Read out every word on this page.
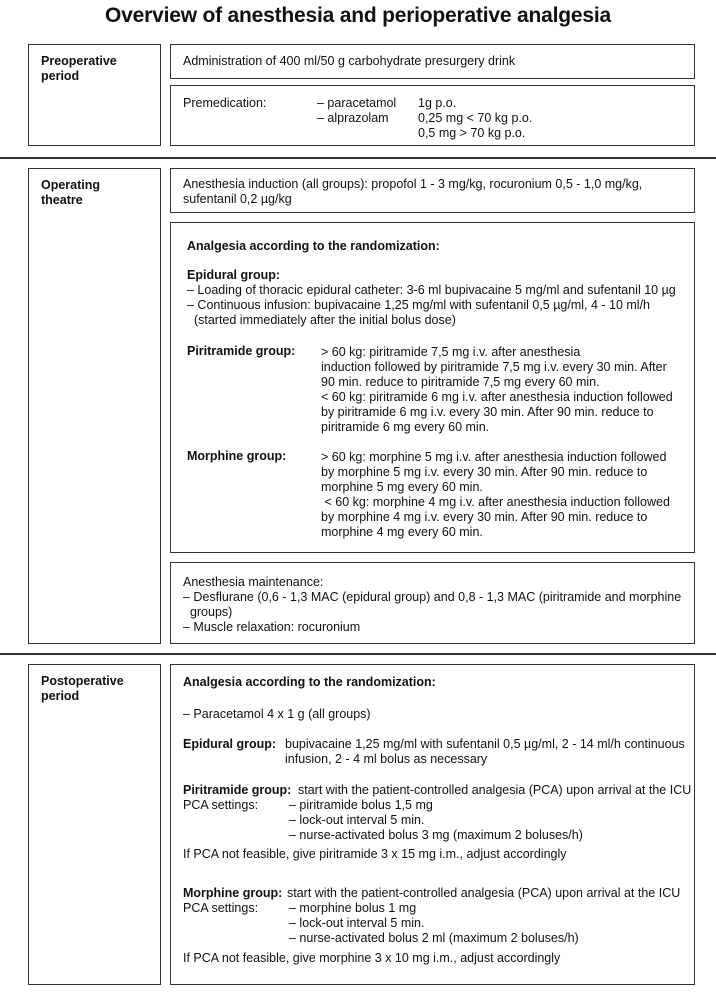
Overview of anesthesia and perioperative analgesia
Preoperative
period
Administration of 400 ml/50 g carbohydrate presurgery drink
Premedication:	– paracetamol 1g p.o.
– alprazolam 0,25 mg < 70 kg p.o.
0,5 mg > 70 kg p.o.
Operating
theatre
Anesthesia induction (all groups): propofol 1 - 3 mg/kg, rocuronium 0,5 - 1,0 mg/kg,
sufentanil 0,2 µg/kg
Analgesia according to the randomization:
Epidural group:
– Loading of thoracic epidural catheter: 3-6 ml bupivacaine 5 mg/ml and sufentanil 10 µg
– Continuous infusion: bupivacaine 1,25 mg/ml with sufentanil 0,5 µg/ml, 4 - 10 ml/h
(started immediately after the initial bolus dose)
Piritramide group: > 60 kg: piritramide 7,5 mg i.v. after anesthesia
induction followed by piritramide 7,5 mg i.v. every 30 min. After
90 min. reduce to piritramide 7,5 mg every 60 min.
< 60 kg: piritramide 6 mg i.v. after anesthesia induction followed
by piritramide 6 mg i.v. every 30 min. After 90 min. reduce to
piritramide 6 mg every 60 min.
Morphine group:	> 60 kg: morphine 5 mg i.v. after anesthesia induction followed
by morphine 5 mg i.v. every 30 min. After 90 min. reduce to
morphine 5 mg every 60 min.
< 60 kg: morphine 4 mg i.v. after anesthesia induction followed
by morphine 4 mg i.v. every 30 min. After 90 min. reduce to
morphine 4 mg every 60 min.
Anesthesia maintenance:
– Desflurane (0,6 - 1,3 MAC (epidural group) and 0,8 - 1,3 MAC (piritramide and morphine
groups)
– Muscle relaxation: rocuronium
Postoperative
period
Analgesia according to the randomization:
– Paracetamol 4 x 1 g (all groups)
Epidural group: bupivacaine 1,25 mg/ml with sufentanil 0,5 µg/ml, 2 - 14 ml/h continuous
infusion, 2 - 4 ml bolus as necessary
Piritramide group: start with the patient-controlled analgesia (PCA) upon arrival at the ICU
PCA settings: – piritramide bolus 1,5 mg
– lock-out interval 5 min.
– nurse-activated bolus 3 mg (maximum 2 boluses/h)
If PCA not feasible, give piritramide 3 x 15 mg i.m., adjust accordingly
Morphine group: start with the patient-controlled analgesia (PCA) upon arrival at the ICU
PCA settings: – morphine bolus 1 mg
– lock-out interval 5 min.
– nurse-activated bolus 2 ml (maximum 2 boluses/h)
If PCA not feasible, give morphine 3 x 10 mg i.m., adjust accordingly
